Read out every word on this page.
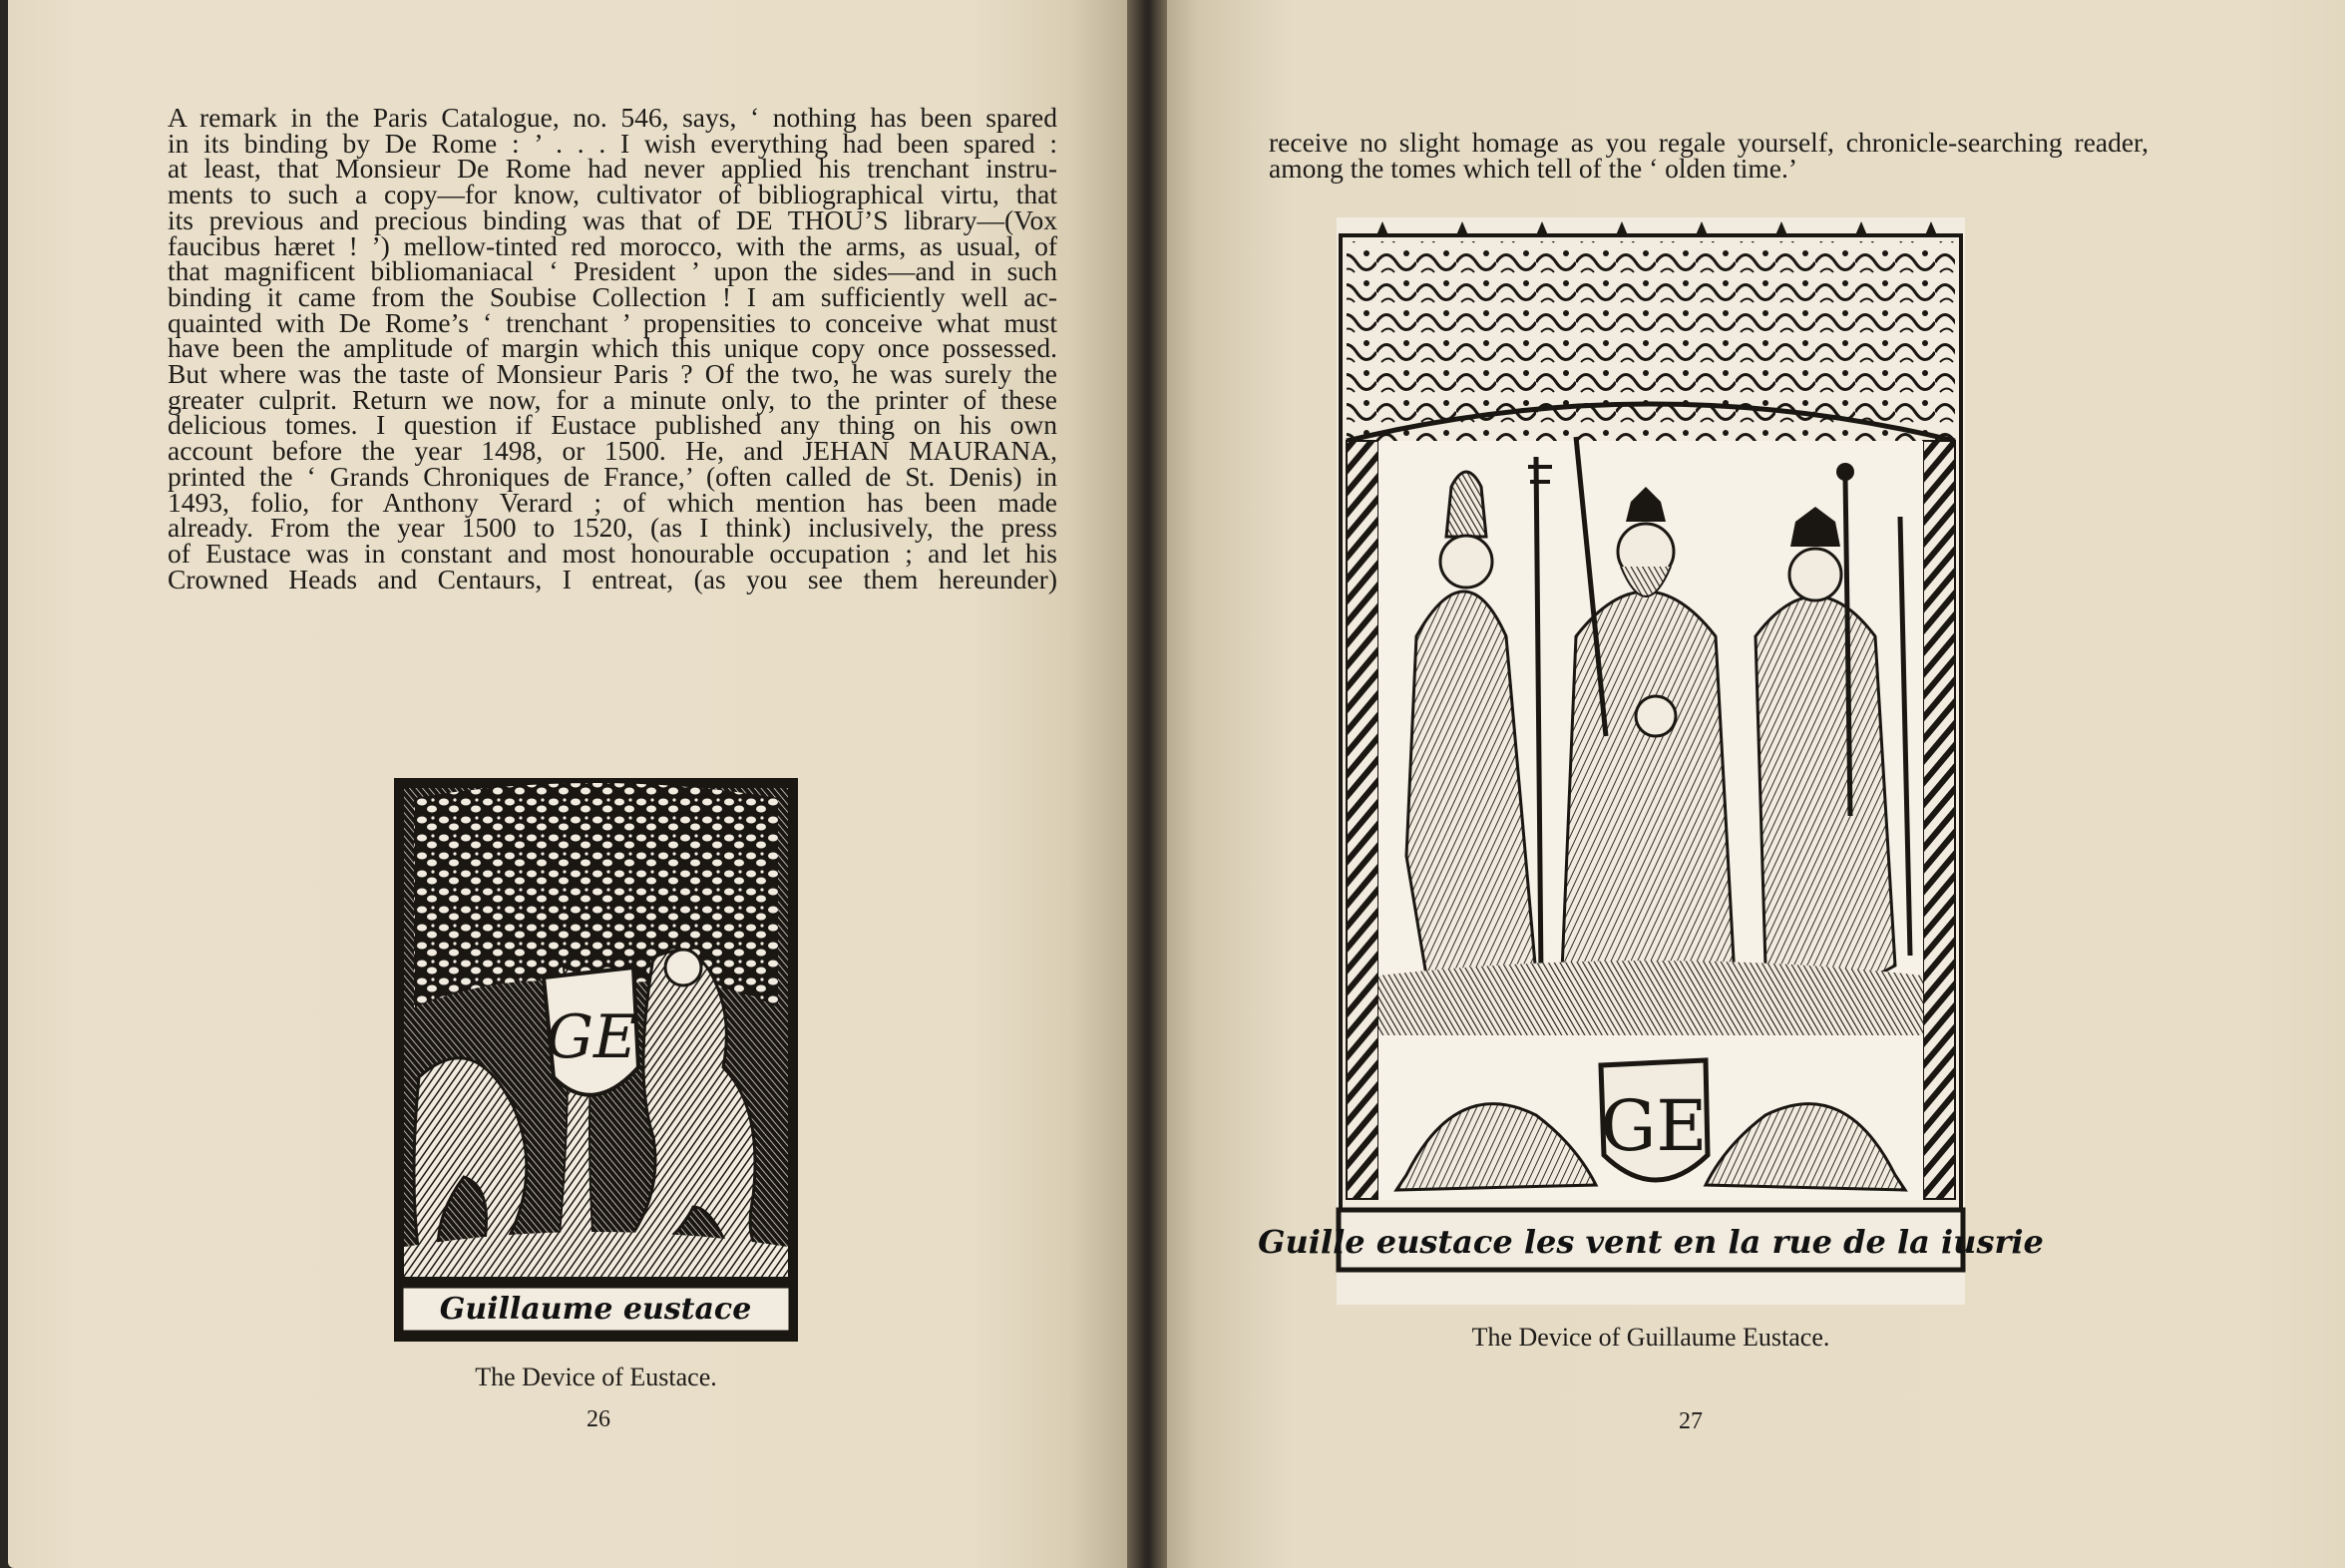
A remark in the Paris Catalogue, no. 546, says, ‘ nothing has been spared
in its binding by De Rome : ’ . . . I wish everything had been spared :
at least, that Monsieur De Rome had never applied his trenchant instru-
ments to such a copy—for know, cultivator of bibliographical virtu, that
its previous and precious binding was that of DE THOU’S library—(Vox
faucibus hæret ! ’) mellow-tinted red morocco, with the arms, as usual, of
that magnificent bibliomaniacal ‘ President ’ upon the sides—and in such
binding it came from the Soubise Collection ! I am sufficiently well ac-
quainted with De Rome’s ‘ trenchant ’ propensities to conceive what must
have been the amplitude of margin which this unique copy once possessed.
But where was the taste of Monsieur Paris ? Of the two, he was surely the
greater culprit. Return we now, for a minute only, to the printer of these
delicious tomes. I question if Eustace published any thing on his own
account before the year 1498, or 1500. He, and JEHAN MAURANA,
printed the ‘ Grands Chroniques de France,’ (often called de St. Denis) in
1493, folio, for Anthony Verard ; of which mention has been made
already. From the year 1500 to 1520, (as I think) inclusively, the press
of Eustace was in constant and most honourable occupation ; and let his
Crowned Heads and Centaurs, I entreat, (as you see them hereunder)
GE
Guillaume eustace
The Device of Eustace.
26
receive no slight homage as you regale yourself, chronicle-searching reader,
among the tomes which tell of the ‘ olden time.’
GE
Guille eustace les vent en la rue de la iusrie
The Device of Guillaume Eustace.
27
